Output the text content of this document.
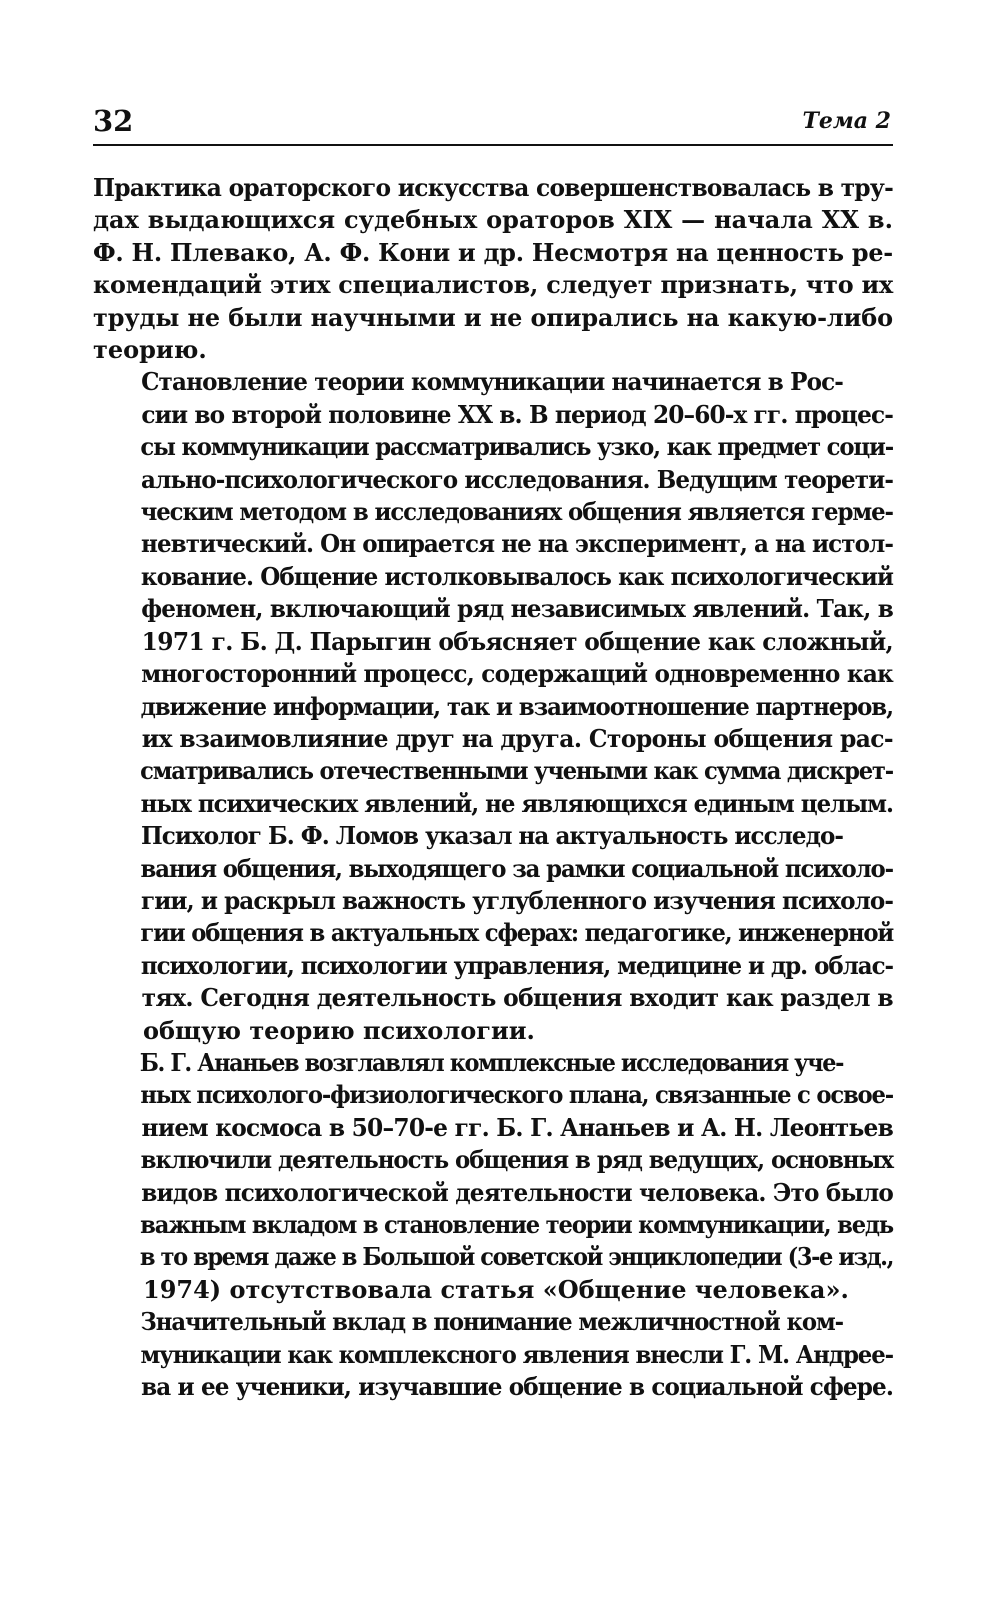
32	Тема 2

Практика ораторского искусства совершенствовалась в тру-
дах выдающихся судебных ораторов XIX — начала XX в.
Ф. Н. Плевако, А. Ф. Кони и др. Несмотря на ценность ре-
комендаций этих специалистов, следует признать, что их
труды не были научными и не опирались на какую-либо
теорию.

Становление теории коммуникации начинается в Рос-
сии во второй половине XX в. В период 20–60-х гг. процес-
сы коммуникации рассматривались узко, как предмет соци-
ально-психологического исследования. Ведущим теорети-
ческим методом в исследованиях общения является герме-
невтический. Он опирается не на эксперимент, а на истол-
кование. Общение истолковывалось как психологический
феномен, включающий ряд независимых явлений. Так, в
1971 г. Б. Д. Парыгин объясняет общение как сложный,
многосторонний процесс, содержащий одновременно как
движение информации, так и взаимоотношение партнеров,
их взаимовлияние друг на друга. Стороны общения рас-
сматривались отечественными учеными как сумма дискрет-
ных психических явлений, не являющихся единым целым.

Психолог Б. Ф. Ломов указал на актуальность исследо-
вания общения, выходящего за рамки социальной психоло-
гии, и раскрыл важность углубленного изучения психоло-
гии общения в актуальных сферах: педагогике, инженерной
психологии, психологии управления, медицине и др. облас-
тях. Сегодня деятельность общения входит как раздел в
общую теорию психологии.

Б. Г. Ананьев возглавлял комплексные исследования уче-
ных психолого-физиологического плана, связанные с освое-
нием космоса в 50–70-е гг. Б. Г. Ананьев и А. Н. Леонтьев
включили деятельность общения в ряд ведущих, основных
видов психологической деятельности человека. Это было
важным вкладом в становление теории коммуникации, ведь
в то время даже в Большой советской энциклопедии (3-е изд.,
1974) отсутствовала статья «Общение человека».

Значительный вклад в понимание межличностной ком-
муникации как комплексного явления внесли Г. М. Андрее-
ва и ее ученики, изучавшие общение в социальной сфере.
